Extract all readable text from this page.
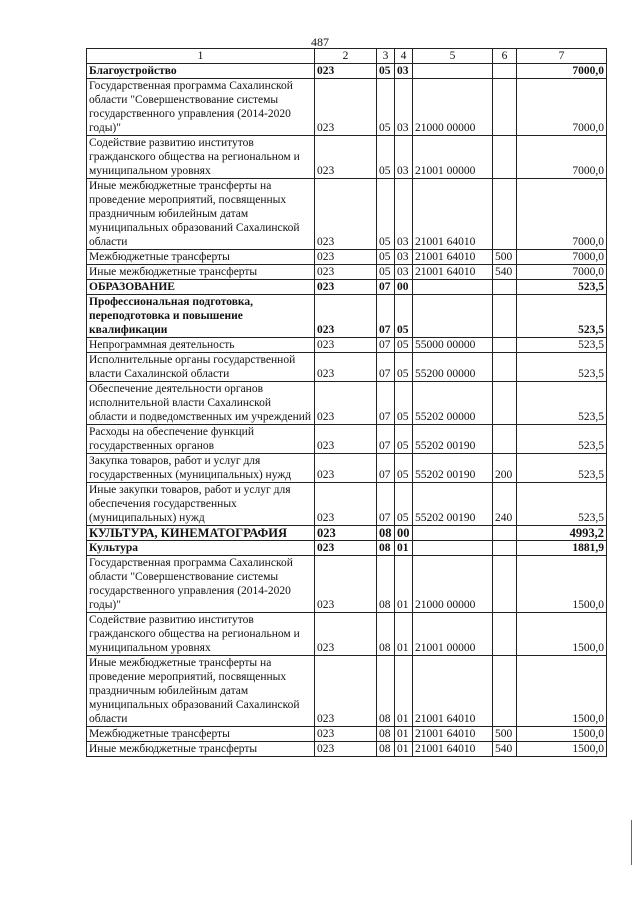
487
1	2	3	4	5	6	7
Благоустройство	023	05	03			7000,0
Государственная программа Сахалинской области "Совершенствование системы государственного управления (2014-2020 годы)"	023	05	03	21000 00000		7000,0
Содействие развитию институтов гражданского общества на региональном и муниципальном уровнях	023	05	03	21001 00000		7000,0
Иные межбюджетные трансферты на проведение мероприятий, посвященных праздничным юбилейным датам муниципальных образований Сахалинской области	023	05	03	21001 64010		7000,0
Межбюджетные трансферты	023	05	03	21001 64010	500	7000,0
Иные межбюджетные трансферты	023	05	03	21001 64010	540	7000,0
ОБРАЗОВАНИЕ	023	07	00			523,5
Профессиональная подготовка, переподготовка и повышение квалификации	023	07	05			523,5
Непрограммная деятельность	023	07	05	55000 00000		523,5
Исполнительные органы государственной власти Сахалинской области	023	07	05	55200 00000		523,5
Обеспечение деятельности органов исполнительной власти Сахалинской области и подведомственных им учреждений	023	07	05	55202 00000		523,5
Расходы на обеспечение функций государственных органов	023	07	05	55202 00190		523,5
Закупка товаров, работ и услуг для государственных (муниципальных) нужд	023	07	05	55202 00190	200	523,5
Иные закупки товаров, работ и услуг для обеспечения государственных (муниципальных) нужд	023	07	05	55202 00190	240	523,5
КУЛЬТУРА, КИНЕМАТОГРАФИЯ	023	08	00			4993,2
Культура	023	08	01			1881,9
Государственная программа Сахалинской области "Совершенствование системы государственного управления (2014-2020 годы)"	023	08	01	21000 00000		1500,0
Содействие развитию институтов гражданского общества на региональном и муниципальном уровнях	023	08	01	21001 00000		1500,0
Иные межбюджетные трансферты на проведение мероприятий, посвященных праздничным юбилейным датам муниципальных образований Сахалинской области	023	08	01	21001 64010		1500,0
Межбюджетные трансферты	023	08	01	21001 64010	500	1500,0
Иные межбюджетные трансферты	023	08	01	21001 64010	540	1500,0
